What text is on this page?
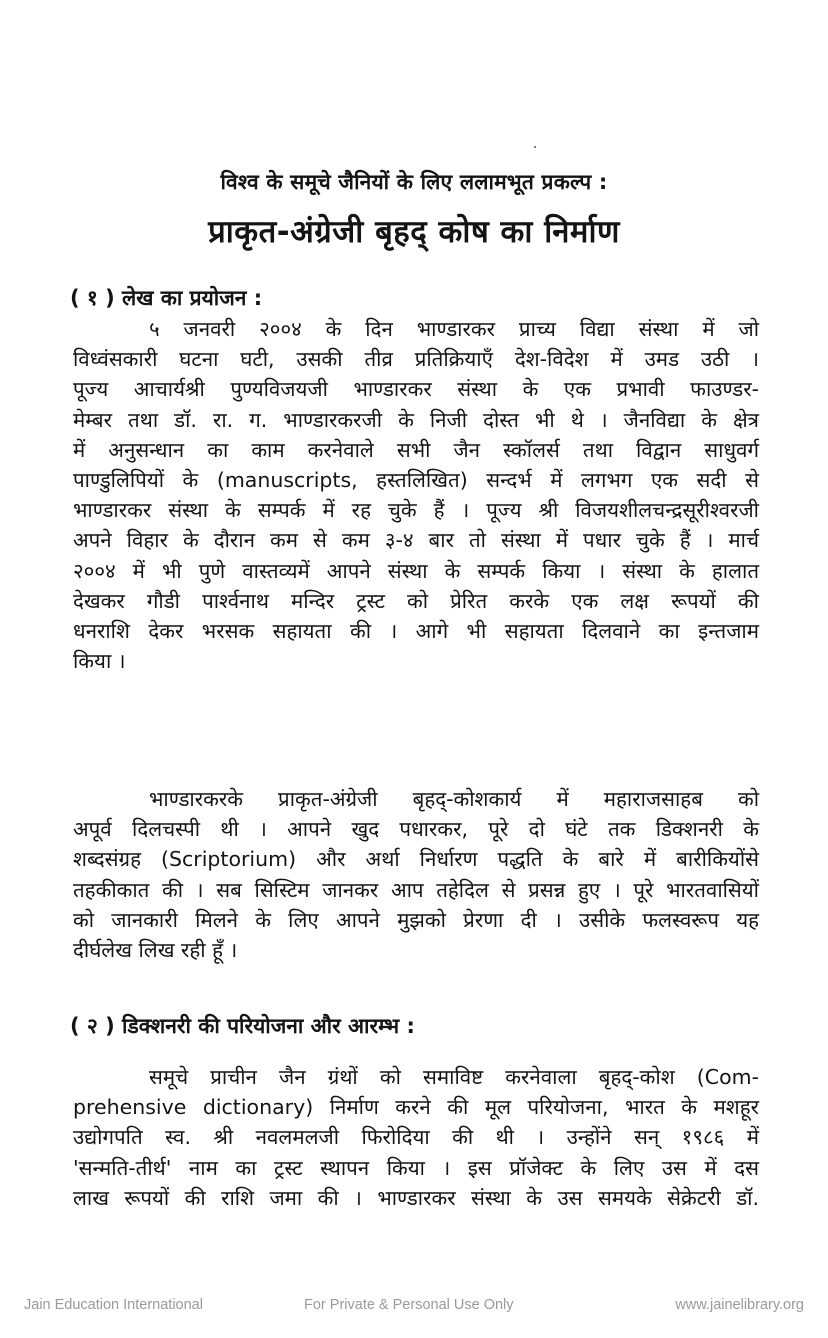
विश्व के समूचे जैनियों के लिए ललामभूत प्रकल्प :
प्राकृत-अंग्रेजी बृहद् कोष का निर्माण
( १ ) लेख का प्रयोजन :
५ जनवरी २००४ के दिन भाण्डारकर प्राच्य विद्या संस्था में जो
विध्वंसकारी घटना घटी, उसकी तीव्र प्रतिक्रियाएँ देश-विदेश में उमड उठी ।
पूज्य आचार्यश्री पुण्यविजयजी भाण्डारकर संस्था के एक प्रभावी फाउण्डर-
मेम्बर तथा डॉ. रा. ग. भाण्डारकरजी के निजी दोस्त भी थे । जैनविद्या के क्षेत्र
में अनुसन्धान का काम करनेवाले सभी जैन स्कॉलर्स तथा विद्वान साधुवर्ग
पाण्डुलिपियों के (manuscripts, हस्तलिखित) सन्दर्भ में लगभग एक सदी से
भाण्डारकर संस्था के सम्पर्क में रह चुके हैं । पूज्य श्री विजयशीलचन्द्रसूरीश्वरजी
अपने विहार के दौरान कम से कम ३-४ बार तो संस्था में पधार चुके हैं । मार्च
२००४ में भी पुणे वास्तव्यमें आपने संस्था के सम्पर्क किया । संस्था के हालात
देखकर गौडी पार्श्वनाथ मन्दिर ट्रस्ट को प्रेरित करके एक लक्ष रूपयों की
धनराशि देकर भरसक सहायता की । आगे भी सहायता दिलवाने का इन्तजाम
किया ।
भाण्डारकरके प्राकृत-अंग्रेजी बृहद्-कोशकार्य में महाराजसाहब को
अपूर्व दिलचस्पी थी । आपने खुद पधारकर, पूरे दो घंटे तक डिक्शनरी के
शब्दसंग्रह (Scriptorium) और अर्था निर्धारण पद्धति के बारे में बारीकियोंसे
तहकीकात की । सब सिस्टिम जानकर आप तहेदिल से प्रसन्न हुए । पूरे भारतवासियों
को जानकारी मिलने के लिए आपने मुझको प्रेरणा दी । उसीके फलस्वरूप यह
दीर्घलेख लिख रही हूँ ।
( २ ) डिक्शनरी की परियोजना और आरम्भ :
समूचे प्राचीन जैन ग्रंथों को समाविष्ट करनेवाला बृहद्-कोश (Com-
prehensive dictionary) निर्माण करने की मूल परियोजना, भारत के मशहूर
उद्योगपति स्व. श्री नवलमलजी फिरोदिया की थी । उन्होंने सन् १९८६ में
'सन्मति-तीर्थ' नाम का ट्रस्ट स्थापन किया । इस प्रॉजेक्ट के लिए उस में दस
लाख रूपयों की राशि जमा की । भाण्डारकर संस्था के उस समयके सेक्रेटरी डॉ.
Jain Education International	For Private & Personal Use Only	www.jainelibrary.org
